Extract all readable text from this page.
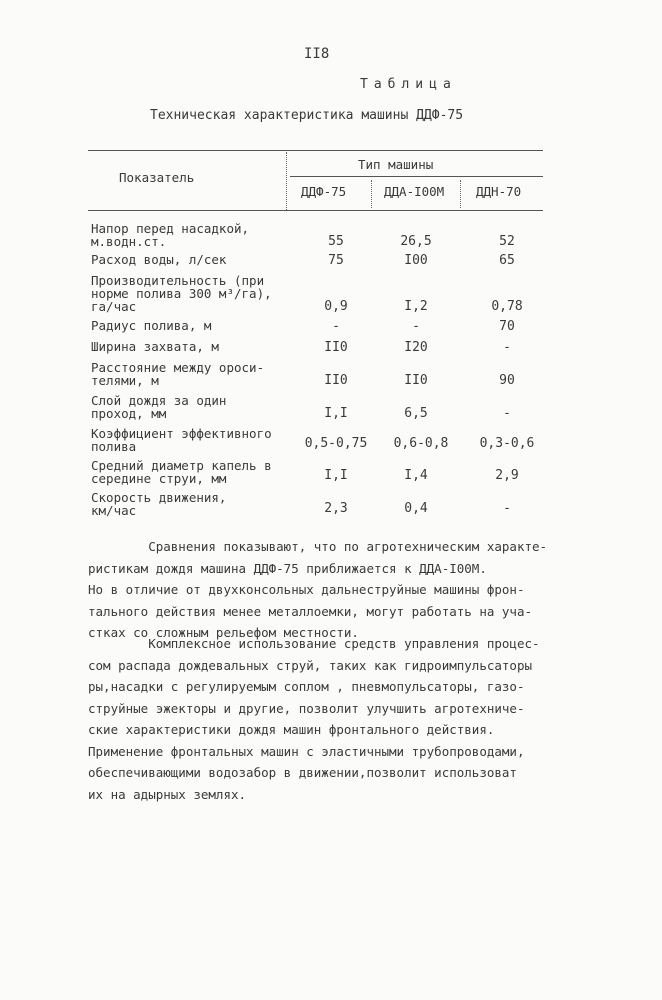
II8
Таблица
Техническая характеристика машины ДДФ-75
Показатель
Тип машины
ДДФ-75	ДДА-I00М	ДДН-70
Напор перед насадкой,
м.водн.ст.	55	26,5	52
Расход воды, л/сек	75	I00	65
Производительность (при
норме полива 300 м³/га),
га/час	0,9	I,2	0,78
Радиус полива, м	-	-	70
Ширина захвата, м	II0	I20	-
Расстояние между ороси-
телями, м	II0	II0	90
Слой дождя за один
проход, мм	I,I	6,5	-
Коэффициент эффективного
полива	0,5-0,75	0,6-0,8	0,3-0,6
Средний диаметр капель в
середине струи, мм	I,I	I,4	2,9
Скорость движения,
км/час	2,3	0,4	-
Сравнения показывают, что по агротехническим характе-
ристикам дождя машина ДДФ-75 приближается к ДДА-I00М.
Но в отличие от двухконсольных дальнеструйные машины фрон-
тального действия менее металлоемки, могут работать на уча-
стках со сложным рельефом местности.
Комплексное использование средств управления процес-
сом распада дождевальных струй, таких как гидроимпульсаторы
ры,насадки с регулируемым соплом , пневмопульсаторы, газо-
струйные эжекторы и другие, позволит улучшить агротехниче-
ские характеристики дождя машин фронтального действия.
Применение фронтальных машин с эластичными трубопроводами,
обеспечивающими водозабор в движении,позволит использоват
их на адырных землях.
